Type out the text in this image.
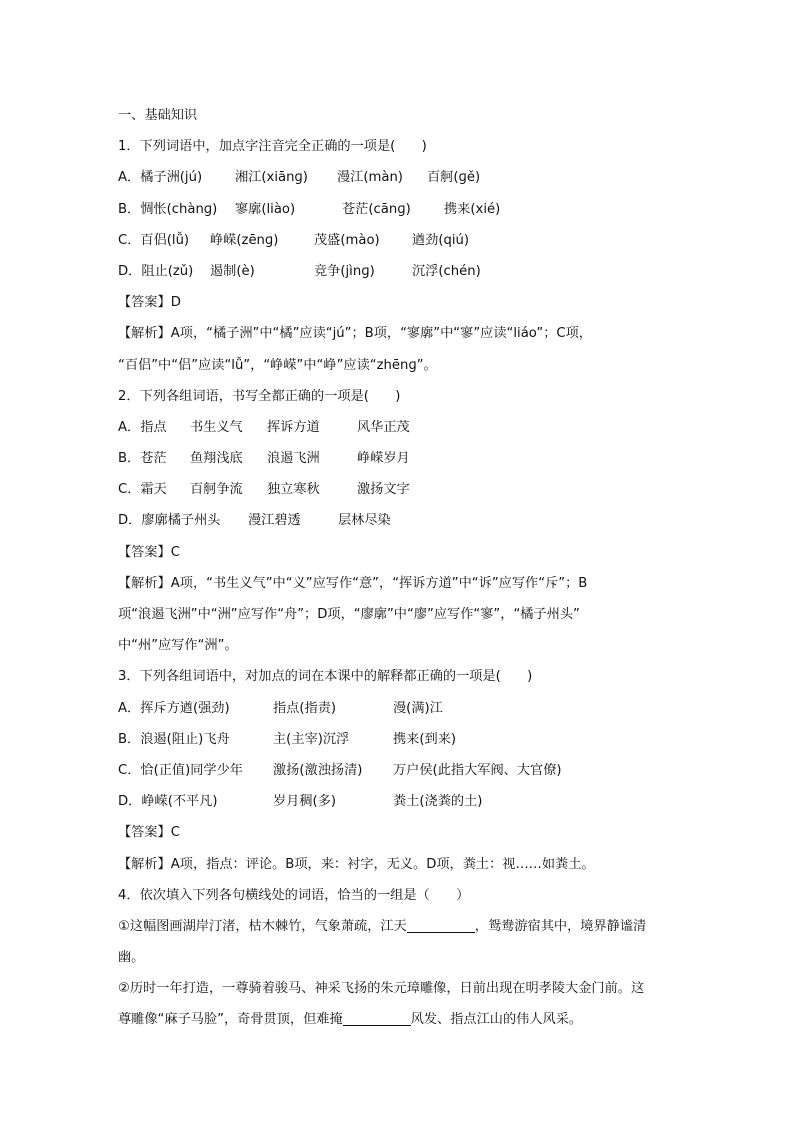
一、基础知识
1．下列词语中，加点字注音完全正确的一项是(　　)
A．橘子洲(jú) 湘江(xiānɡ) 漫江(màn) 百舸(ɡě)
B．惆怅(chànɡ) 寥廓(liào)	苍茫(cānɡ)	携来(xié)
C．百侣(lǚ) 峥嵘(zēnɡ)	茂盛(mào) 遒劲(qiú)
D．阻止(zǔ) 遏制(è)	竞争(jìnɡ)	沉浮(chén)
【答案】D
【解析】A项，“橘子洲”中“橘”应读“jú”；B项，“寥廓”中“寥”应读“liáo”；C项，
“百侣”中“侣”应读“lǚ”，“峥嵘”中“峥”应读“zhēnɡ”。
2．下列各组词语，书写全都正确的一项是(　　)
A．指点 书生义气 挥诉方道	风华正茂
B．苍茫 鱼翔浅底 浪遏飞洲	峥嵘岁月
C．霜天 百舸争流 独立寒秋	激扬文字
D．廖廓橘子州头 漫江碧透	层林尽染
【答案】C
【解析】A项，“书生义气”中“义”应写作“意”，“挥诉方道”中“诉”应写作“斥”；B
项“浪遏飞洲”中“洲”应写作“舟”；D项，“廖廓”中“廖”应写作“寥”，“橘子州头”
中“州”应写作“洲”。
3．下列各组词语中，对加点的词在本课中的解释都正确的一项是(　　)
A．挥斥方遒(强劲)	指点(指责)	漫(满)江
B．浪遏(阻止)飞舟	主(主宰)沉浮	携来(到来)
C．恰(正值)同学少年 激扬(激浊扬清) 万户侯(此指大军阀、大官僚)
D．峥嵘(不平凡)	岁月稠(多)	粪土(浇粪的土)
【答案】C
【解析】A项，指点：评论。B项，来：衬字，无义。D项，粪土：视……如粪土。
4．依次填入下列各句横线处的词语，恰当的一组是（　　）
①这幅图画湖岸汀渚，枯木棘竹，气象萧疏，江天	，鸳鸯游宿其中，境界静谧清
幽。
②历时一年打造，一尊骑着骏马、神采飞扬的朱元璋雕像，日前出现在明孝陵大金门前。这
尊雕像“麻子马脸”，奇骨贯顶，但难掩	风发、指点江山的伟人风采。
